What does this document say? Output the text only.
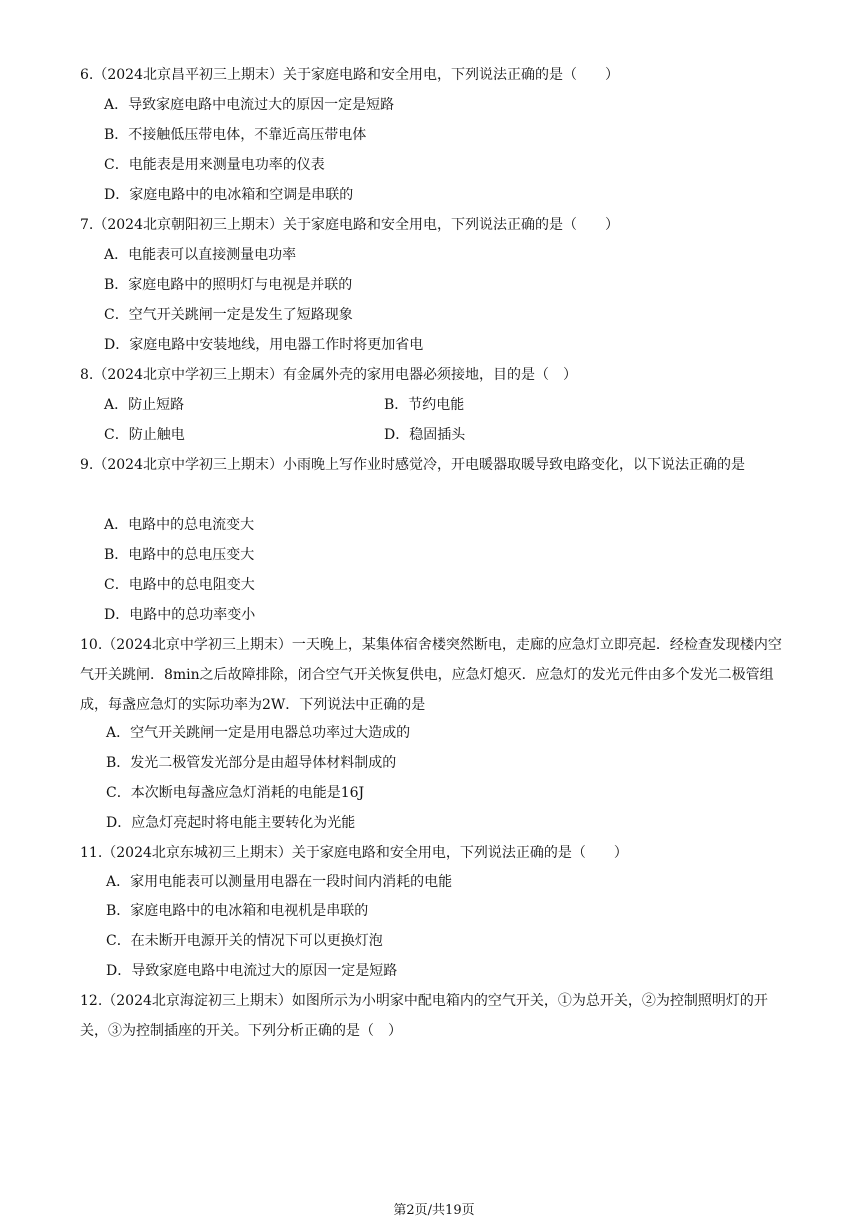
6.（2024北京昌平初三上期末）关于家庭电路和安全用电，下列说法正确的是（　　）
A．导致家庭电路中电流过大的原因一定是短路
B．不接触低压带电体，不靠近高压带电体
C．电能表是用来测量电功率的仪表
D．家庭电路中的电冰箱和空调是串联的
7.（2024北京朝阳初三上期末）关于家庭电路和安全用电，下列说法正确的是（　　）
A．电能表可以直接测量电功率
B．家庭电路中的照明灯与电视是并联的
C．空气开关跳闸一定是发生了短路现象
D．家庭电路中安装地线，用电器工作时将更加省电
8.（2024北京中学初三上期末）有金属外壳的家用电器必须接地，目的是（　）
A．防止短路	B．节约电能
C．防止触电	D．稳固插头
9.（2024北京中学初三上期末）小雨晚上写作业时感觉冷，开电暖器取暖导致电路变化，以下说法正确的是
A．电路中的总电流变大
B．电路中的总电压变大
C．电路中的总电阻变大
D．电路中的总功率变小
10.（2024北京中学初三上期末）一天晚上，某集体宿舍楼突然断电，走廊的应急灯立即亮起．经检查发现楼内空气开关跳闸．8min之后故障排除，闭合空气开关恢复供电，应急灯熄灭．应急灯的发光元件由多个发光二极管组成，每盏应急灯的实际功率为2W．下列说法中正确的是
A．空气开关跳闸一定是用电器总功率过大造成的
B．发光二极管发光部分是由超导体材料制成的
C．本次断电每盏应急灯消耗的电能是16J
D．应急灯亮起时将电能主要转化为光能
11.（2024北京东城初三上期末）关于家庭电路和安全用电，下列说法正确的是（　　）
A．家用电能表可以测量用电器在一段时间内消耗的电能
B．家庭电路中的电冰箱和电视机是串联的
C．在未断开电源开关的情况下可以更换灯泡
D．导致家庭电路中电流过大的原因一定是短路
12.（2024北京海淀初三上期末）如图所示为小明家中配电箱内的空气开关，①为总开关，②为控制照明灯的开关，③为控制插座的开关。下列分析正确的是（　）
第2页/共19页
